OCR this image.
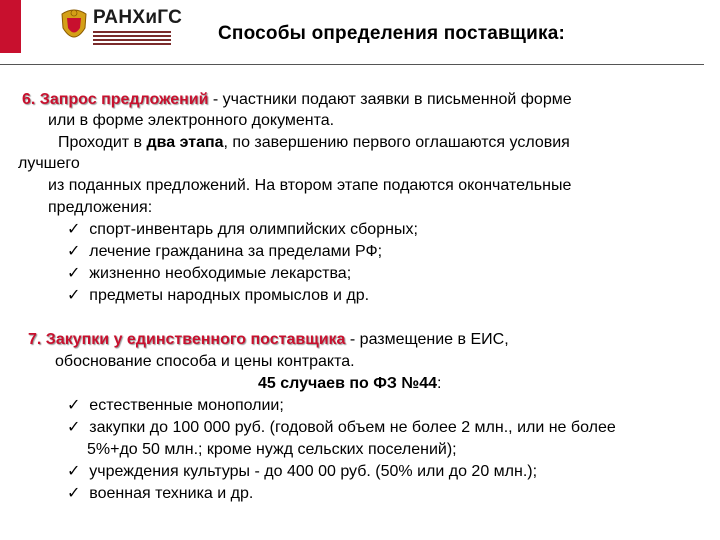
РАНХиГС
Способы определения поставщика:
6. Запрос предложений - участники подают заявки в письменной форме
или в форме электронного документа.
Проходит в два этапа, по завершению первого оглашаются условия
лучшего
из поданных предложений. На втором этапе подаются окончательные
предложения:
✓ спорт-инвентарь для олимпийских сборных;
✓ лечение гражданина за пределами РФ;
✓ жизненно необходимые лекарства;
✓ предметы народных промыслов и др.
7. Закупки у единственного поставщика - размещение в ЕИС,
обоснование способа и цены контракта.
45 случаев по ФЗ №44:
✓ естественные монополии;
✓ закупки до 100 000 руб. (годовой объем не более 2 млн., или не более
5%+до 50 млн.; кроме нужд сельских поселений);
✓ учреждения культуры - до 400 00 руб. (50% или до 20 млн.);
✓ военная техника и др.
